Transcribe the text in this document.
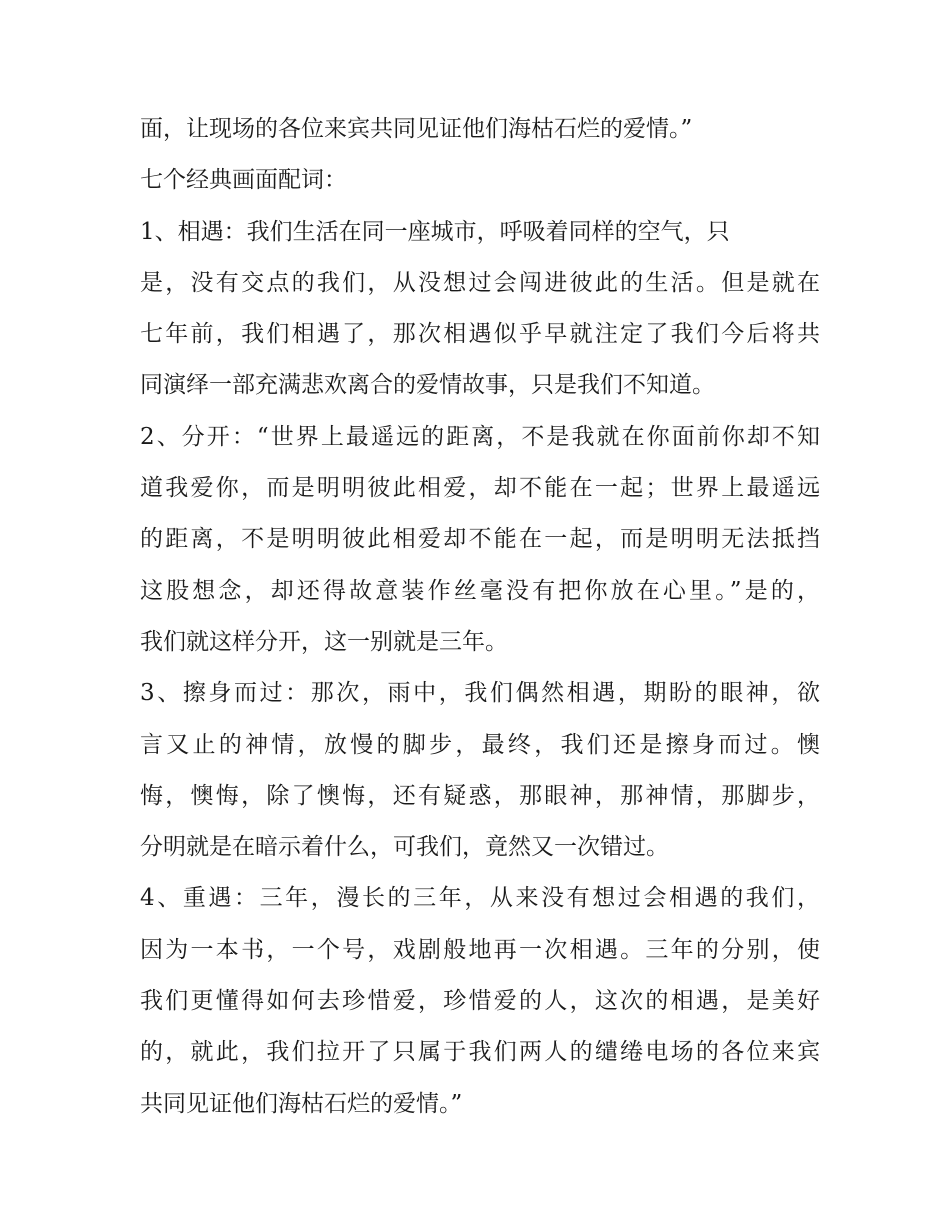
面，让现场的各位来宾共同见证他们海枯石烂的爱情。”
七个经典画面配词：
1、相遇：我们生活在同一座城市，呼吸着同样的空气，只
是，没有交点的我们，从没想过会闯进彼此的生活。但是就在
七年前，我们相遇了，那次相遇似乎早就注定了我们今后将共
同演绎一部充满悲欢离合的爱情故事，只是我们不知道。
2、分开：“世界上最遥远的距离，不是我就在你面前你却不知
道我爱你，而是明明彼此相爱，却不能在一起；世界上最遥远
的距离，不是明明彼此相爱却不能在一起，而是明明无法抵挡
这股想念，却还得故意装作丝毫没有把你放在心里。”是的，
我们就这样分开，这一别就是三年。
3、擦身而过：那次，雨中，我们偶然相遇，期盼的眼神，欲
言又止的神情，放慢的脚步，最终，我们还是擦身而过。懊
悔，懊悔，除了懊悔，还有疑惑，那眼神，那神情，那脚步，
分明就是在暗示着什么，可我们，竟然又一次错过。
4、重遇：三年，漫长的三年，从来没有想过会相遇的我们，
因为一本书，一个号，戏剧般地再一次相遇。三年的分别，使
我们更懂得如何去珍惜爱，珍惜爱的人，这次的相遇，是美好
的，就此，我们拉开了只属于我们两人的缱绻电场的各位来宾
共同见证他们海枯石烂的爱情。”
